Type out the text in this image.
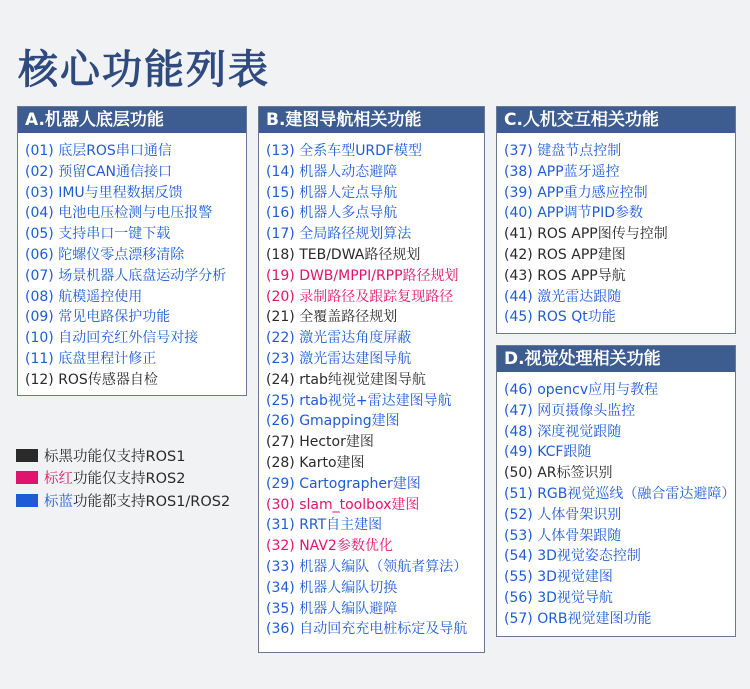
核心功能列表
A.机器人底层功能
(01) 底层ROS串口通信
(02) 预留CAN通信接口
(03) IMU与里程数据反馈
(04) 电池电压检测与电压报警
(05) 支持串口一键下载
(06) 陀螺仪零点漂移清除
(07) 场景机器人底盘运动学分析
(08) 航模遥控使用
(09) 常见电路保护功能
(10) 自动回充红外信号对接
(11) 底盘里程计修正
(12) ROS传感器自检
B.建图导航相关功能
(13) 全系车型URDF模型
(14) 机器人动态避障
(15) 机器人定点导航
(16) 机器人多点导航
(17) 全局路径规划算法
(18) TEB/DWA路径规划
(19) DWB/MPPI/RPP路径规划
(20) 录制路径及跟踪复现路径
(21) 全覆盖路径规划
(22) 激光雷达角度屏蔽
(23) 激光雷达建图导航
(24) rtab纯视觉建图导航
(25) rtab视觉+雷达建图导航
(26) Gmapping建图
(27) Hector建图
(28) Karto建图
(29) Cartographer建图
(30) slam_toolbox建图
(31) RRT自主建图
(32) NAV2参数优化
(33) 机器人编队（领航者算法）
(34) 机器人编队切换
(35) 机器人编队避障
(36) 自动回充充电桩标定及导航
C.人机交互相关功能
(37) 键盘节点控制
(38) APP蓝牙遥控
(39) APP重力感应控制
(40) APP调节PID参数
(41) ROS APP图传与控制
(42) ROS APP建图
(43) ROS APP导航
(44) 激光雷达跟随
(45) ROS Qt功能
D.视觉处理相关功能
(46) opencv应用与教程
(47) 网页摄像头监控
(48) 深度视觉跟随
(49) KCF跟随
(50) AR标签识别
(51) RGB视觉巡线（融合雷达避障）
(52) 人体骨架识别
(53) 人体骨架跟随
(54) 3D视觉姿态控制
(55) 3D视觉建图
(56) 3D视觉导航
(57) ORB视觉建图功能
标黑 功能仅支持ROS1
标红 功能仅支持ROS2
标蓝 功能都支持ROS1/ROS2
